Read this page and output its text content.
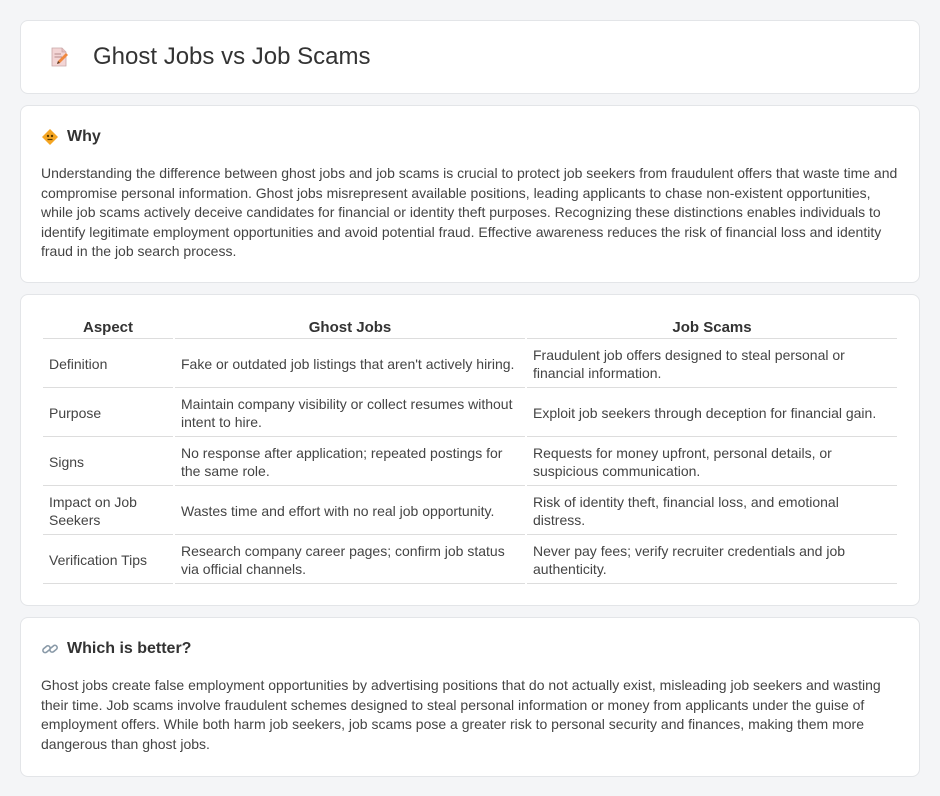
Ghost Jobs vs Job Scams
Why

Understanding the difference between ghost jobs and job scams is crucial to protect job seekers from fraudulent offers that waste time and compromise personal information. Ghost jobs misrepresent available positions, leading applicants to chase non-existent opportunities, while job scams actively deceive candidates for financial or identity theft purposes. Recognizing these distinctions enables individuals to identify legitimate employment opportunities and avoid potential fraud. Effective awareness reduces the risk of financial loss and identity fraud in the job search process.

Aspect	Ghost Jobs	Job Scams
Definition	Fake or outdated job listings that aren't actively hiring.	Fraudulent job offers designed to steal personal or financial information.
Purpose	Maintain company visibility or collect resumes without intent to hire.	Exploit job seekers through deception for financial gain.
Signs	No response after application; repeated postings for the same role.	Requests for money upfront, personal details, or suspicious communication.
Impact on Job Seekers	Wastes time and effort with no real job opportunity.	Risk of identity theft, financial loss, and emotional distress.
Verification Tips	Research company career pages; confirm job status via official channels.	Never pay fees; verify recruiter credentials and job authenticity.
Which is better?

Ghost jobs create false employment opportunities by advertising positions that do not actually exist, misleading job seekers and wasting their time. Job scams involve fraudulent schemes designed to steal personal information or money from applicants under the guise of employment offers. While both harm job seekers, job scams pose a greater risk to personal security and finances, making them more dangerous than ghost jobs.
